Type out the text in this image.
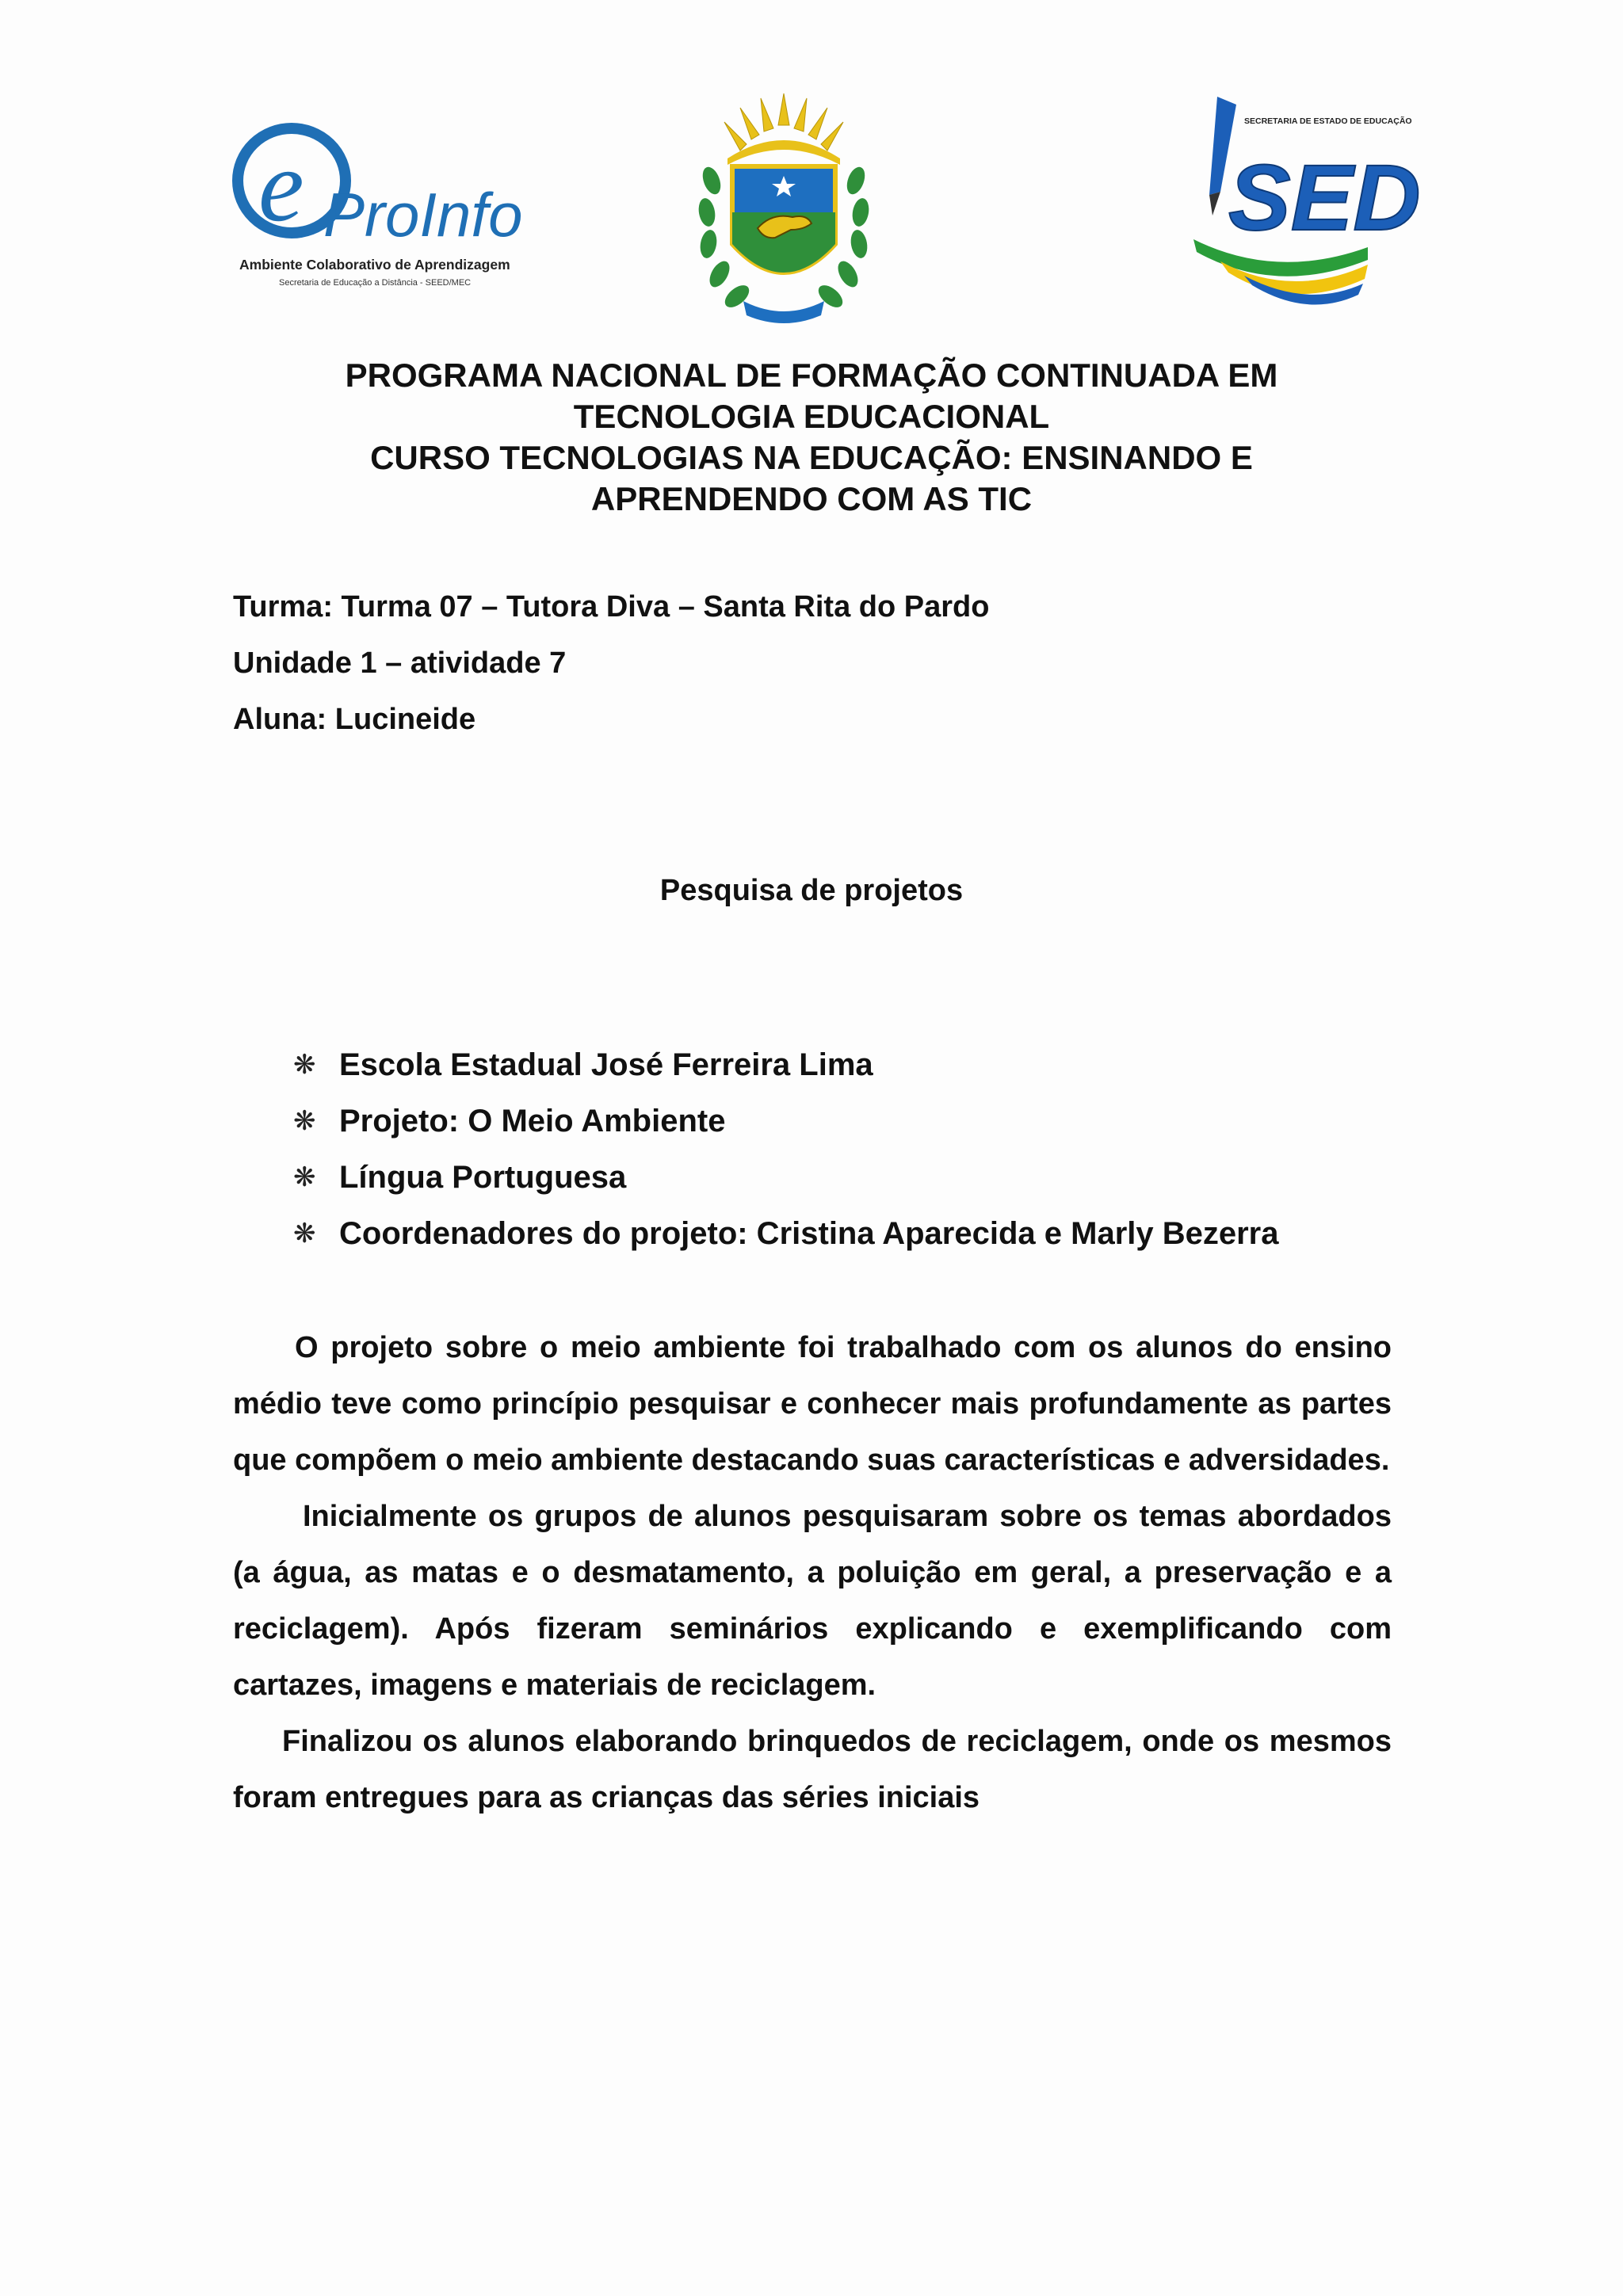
e ProInfo
Ambiente Colaborativo de Aprendizagem
Secretaria de Educação a Distância - SEED/MEC
SECRETARIA DE ESTADO DE EDUCAÇÃO
SED
PROGRAMA NACIONAL DE FORMAÇÃO CONTINUADA EM
TECNOLOGIA EDUCACIONAL
CURSO TECNOLOGIAS NA EDUCAÇÃO: ENSINANDO E
APRENDENDO COM AS TIC
Turma: Turma 07 – Tutora Diva – Santa Rita do Pardo
Unidade 1 – atividade 7
Aluna: Lucineide
Pesquisa de projetos
❋ Escola Estadual José Ferreira Lima
❋ Projeto: O Meio Ambiente
❋ Língua Portuguesa
❋ Coordenadores do projeto: Cristina Aparecida e Marly Bezerra

O projeto sobre o meio ambiente foi trabalhado com os alunos do ensino médio teve como princípio pesquisar e conhecer mais profundamente as partes que compõem o meio ambiente destacando suas características e adversidades.

Inicialmente os grupos de alunos pesquisaram sobre os temas abordados (a água, as matas e o desmatamento, a poluição em geral, a preservação e a reciclagem). Após fizeram seminários explicando e exemplificando com cartazes, imagens e materiais de reciclagem.

Finalizou os alunos elaborando brinquedos de reciclagem, onde os mesmos foram entregues para as crianças das séries iniciais
